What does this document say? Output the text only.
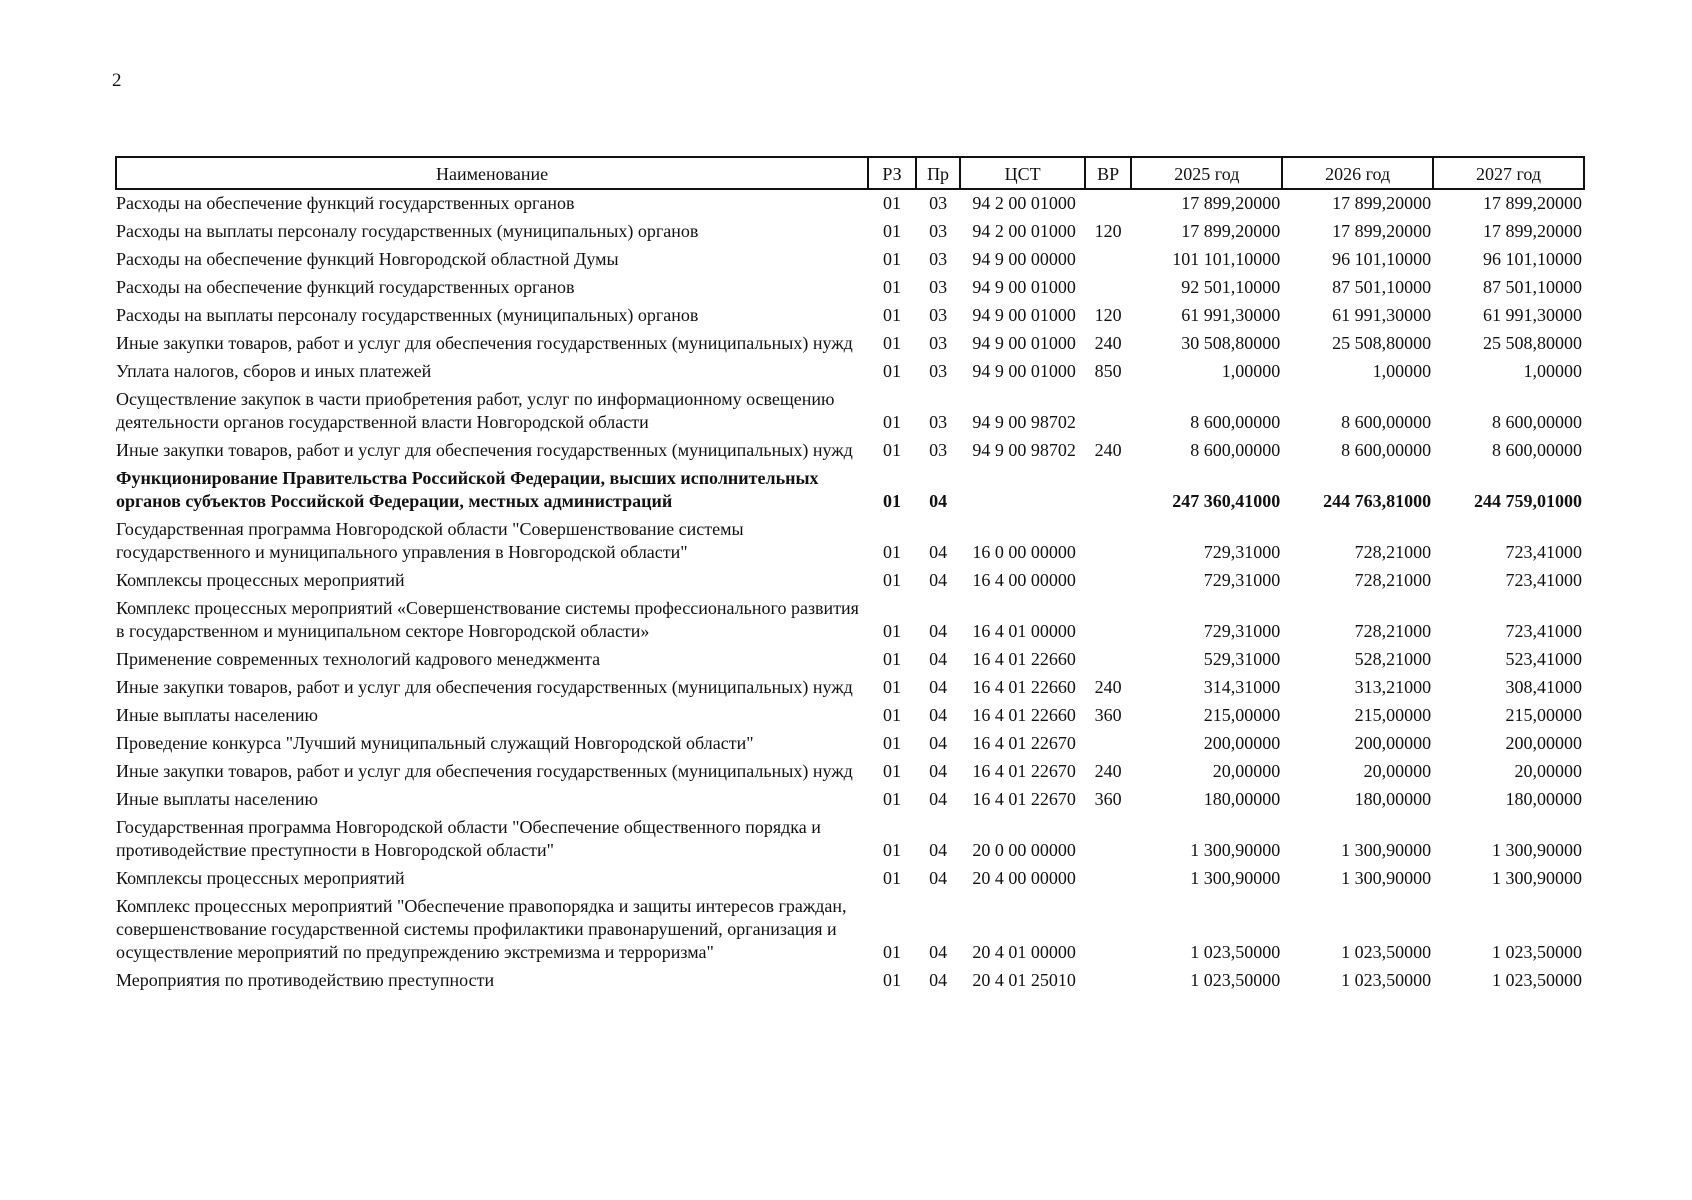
2
Наименование	РЗ	Пр	ЦСТ	ВР	2025 год	2026 год	2027 год
Расходы на обеспечение функций государственных органов	01	03	94 2 00 01000		17 899,20000	17 899,20000	17 899,20000
Расходы на выплаты персоналу государственных (муниципальных) органов	01	03	94 2 00 01000	120	17 899,20000	17 899,20000	17 899,20000
Расходы на обеспечение функций Новгородской областной Думы	01	03	94 9 00 00000		101 101,10000	96 101,10000	96 101,10000
Расходы на обеспечение функций государственных органов	01	03	94 9 00 01000		92 501,10000	87 501,10000	87 501,10000
Расходы на выплаты персоналу государственных (муниципальных) органов	01	03	94 9 00 01000	120	61 991,30000	61 991,30000	61 991,30000
Иные закупки товаров, работ и услуг для обеспечения государственных (муниципальных) нужд	01	03	94 9 00 01000	240	30 508,80000	25 508,80000	25 508,80000
Уплата налогов, сборов и иных платежей	01	03	94 9 00 01000	850	1,00000	1,00000	1,00000
Осуществление закупок в части приобретения работ, услуг по информационному освещению деятельности органов государственной власти Новгородской области	01	03	94 9 00 98702		8 600,00000	8 600,00000	8 600,00000
Иные закупки товаров, работ и услуг для обеспечения государственных (муниципальных) нужд	01	03	94 9 00 98702	240	8 600,00000	8 600,00000	8 600,00000
Функционирование Правительства Российской Федерации, высших исполнительных органов субъектов Российской Федерации, местных администраций	01	04			247 360,41000	244 763,81000	244 759,01000
Государственная программа Новгородской области "Совершенствование системы государственного и муниципального управления в Новгородской области"	01	04	16 0 00 00000		729,31000	728,21000	723,41000
Комплексы процессных мероприятий	01	04	16 4 00 00000		729,31000	728,21000	723,41000
Комплекс процессных мероприятий «Совершенствование системы профессионального развития в государственном и муниципальном секторе Новгородской области»	01	04	16 4 01 00000		729,31000	728,21000	723,41000
Применение современных технологий кадрового менеджмента	01	04	16 4 01 22660		529,31000	528,21000	523,41000
Иные закупки товаров, работ и услуг для обеспечения государственных (муниципальных) нужд	01	04	16 4 01 22660	240	314,31000	313,21000	308,41000
Иные выплаты населению	01	04	16 4 01 22660	360	215,00000	215,00000	215,00000
Проведение конкурса "Лучший муниципальный служащий Новгородской области"	01	04	16 4 01 22670		200,00000	200,00000	200,00000
Иные закупки товаров, работ и услуг для обеспечения государственных (муниципальных) нужд	01	04	16 4 01 22670	240	20,00000	20,00000	20,00000
Иные выплаты населению	01	04	16 4 01 22670	360	180,00000	180,00000	180,00000
Государственная программа Новгородской области "Обеспечение общественного порядка и противодействие преступности в Новгородской области"	01	04	20 0 00 00000		1 300,90000	1 300,90000	1 300,90000
Комплексы процессных мероприятий	01	04	20 4 00 00000		1 300,90000	1 300,90000	1 300,90000
Комплекс процессных мероприятий "Обеспечение правопорядка и защиты интересов граждан, совершенствование государственной системы профилактики правонарушений, организация и осуществление мероприятий по предупреждению экстремизма и терроризма"	01	04	20 4 01 00000		1 023,50000	1 023,50000	1 023,50000
Мероприятия по противодействию преступности	01	04	20 4 01 25010		1 023,50000	1 023,50000	1 023,50000
